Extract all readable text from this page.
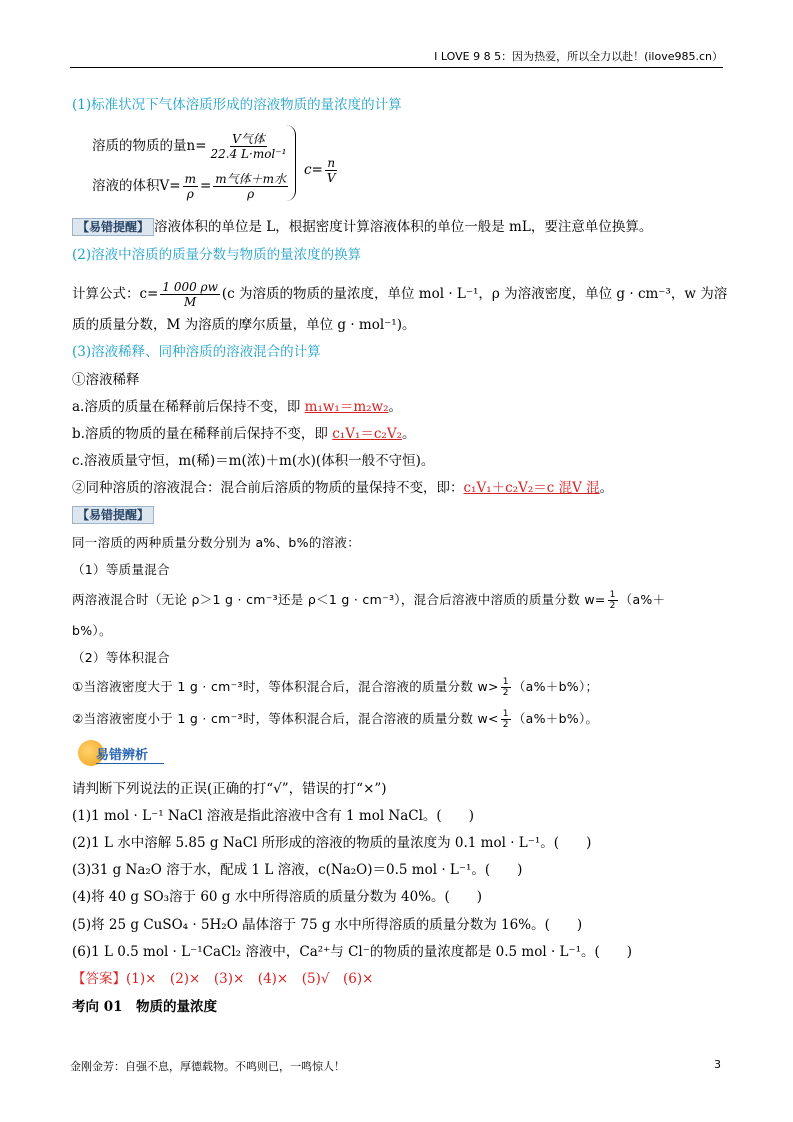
I LOVE 9 8 5：因为热爱，所以全力以赴！(ilove985.cn）
(1)标准状况下气体溶质形成的溶液物质的量浓度的计算
溶质的物质的量$n= \frac{\text{V气体}}{\text{22.4 L·mol⁻¹}}$
溶液的体积$V= \frac{m}{\rho} = \frac{\text{m气体＋m水}}{\rho}$
$c= \frac{n}{V}$
【易错提醒】 溶液体积的单位是 L，根据密度计算溶液体积的单位一般是 mL，要注意单位换算。
(2)溶液中溶质的质量分数与物质的量浓度的换算
计算公式：$c= \frac{1 000 \rho w}{M} (c$ 为溶质的物质的量浓度，单位 mol · L⁻¹，ρ 为溶液密度，单位 g · cm⁻³，w 为溶
质的质量分数，M 为溶质的摩尔质量，单位 g · mol⁻¹)。
(3)溶液稀释、同种溶质的溶液混合的计算
①溶液稀释
a.溶质的质量在稀释前后保持不变，即 m₁w₁＝m₂w₂。
b.溶质的物质的量在稀释前后保持不变，即 c₁V₁＝c₂V₂。
c.溶液质量守恒，m(稀)＝m(浓)＋m(水)(体积一般不守恒)。
②同种溶质的溶液混合：混合前后溶质的物质的量保持不变，即：c₁V₁＋c₂V₂＝c 混V 混。
【易错提醒】
同一溶质的两种质量分数分别为 a%、b%的溶液：
（1）等质量混合
两溶液混合时（无论 ρ＞1 g · cm⁻³还是 ρ＜1 g · cm⁻³），混合后溶液中溶质的质量分数 $w= \frac{1}{2} (a\%+$
b%）。
（2）等体积混合
①当溶液密度大于 1 g · cm⁻³时，等体积混合后，混合溶液的质量分数 $w> \frac{1}{2} (a\%+b\%)$；
②当溶液密度小于 1 g · cm⁻³时，等体积混合后，混合溶液的质量分数 $w< \frac{1}{2} (a\%+b\%)$。
易错辨析
请判断下列说法的正误(正确的打“√”，错误的打“×”)
(1)1 mol · L⁻¹ NaCl 溶液是指此溶液中含有 1 mol NaCl。(　　)
(2)1 L 水中溶解 5.85 g NaCl 所形成的溶液的物质的量浓度为 0.1 mol · L⁻¹。(　　)
(3)31 g Na₂O 溶于水，配成 1 L 溶液，c(Na₂O)＝0.5 mol · L⁻¹。(　　)
(4)将 40 g SO₃溶于 60 g 水中所得溶质的质量分数为 40%。(　　)
(5)将 25 g CuSO₄ · 5H₂O 晶体溶于 75 g 水中所得溶质的质量分数为 16%。(　　)
(6)1 L 0.5 mol · L⁻¹CaCl₂ 溶液中，Ca²⁺与 Cl⁻的物质的量浓度都是 0.5 mol · L⁻¹。(　　)
【答案】(1)×　(2)×　(3)×　(4)×　(5)√　(6)×
考向 01　物质的量浓度
金刚金芳：自强不息，厚德载物。不鸣则已，一鸣惊人！	3
